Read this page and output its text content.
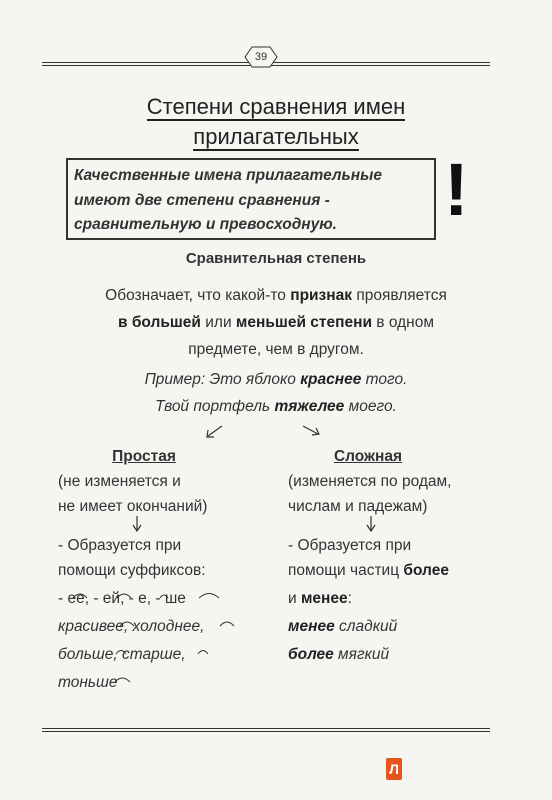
39
Степени сравнения имен прилагательных
Качественные имена прилагательные
имеют две степени сравнения -
сравнительную и превосходную.	!
Сравнительная степень
Обозначает, что какой-то признак проявляется
в большей или меньшей степени в одном
предмете, чем в другом.
Пример: Это яблоко краснее того.
Твой портфель тяжелее моего.
Простая
(не изменяется и
не имеет окончаний)
- Образуется при
помощи суффиксов:
- ее, - ей, - е, - ше
красивее, холоднее,
больше, старше,
тоньше
Сложная
(изменяется по родам,
числам и падежам)
- Образуется при
помощи частиц более
и менее:
менее сладкий
более мягкий
Л
